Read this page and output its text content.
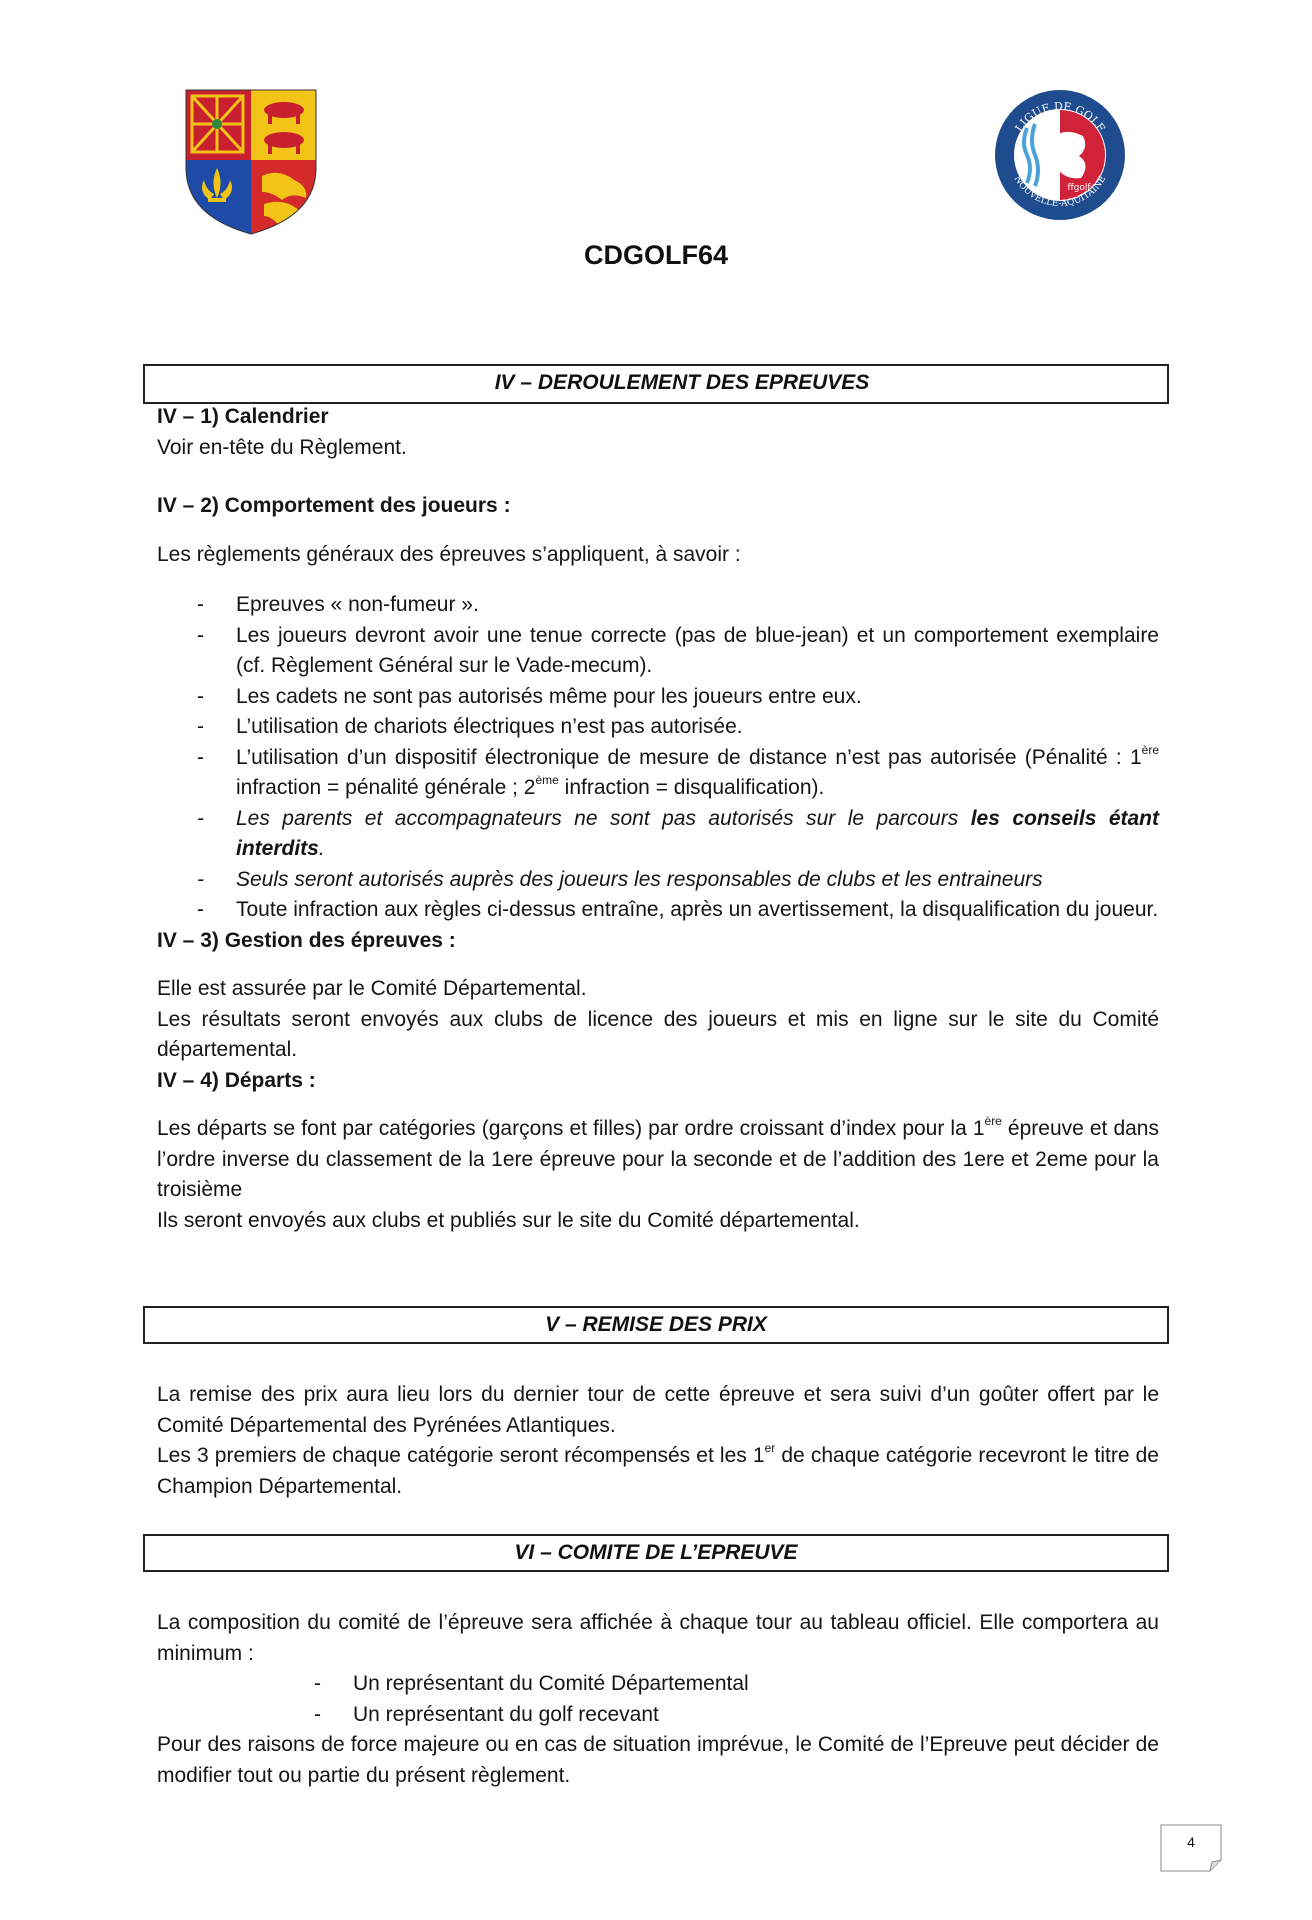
LIGUE DE GOLF
NOUVELLE-AQUITAINE
ffgolf
CDGOLF64
IV – DEROULEMENT DES EPREUVES

IV – 1) Calendrier

Voir en-tête du Règlement.

IV – 2) Comportement des joueurs :

Les règlements généraux des épreuves s’appliquent, à savoir :

- Epreuves « non-fumeur ».
- Les joueurs devront avoir une tenue correcte (pas de blue-jean) et un comportement exemplaire (cf. Règlement Général sur le Vade-mecum).
- Les cadets ne sont pas autorisés même pour les joueurs entre eux.
- L’utilisation de chariots électriques n’est pas autorisée.
- L’utilisation d’un dispositif électronique de mesure de distance n’est pas autorisée (Pénalité : 1ère infraction = pénalité générale ; 2ème infraction = disqualification).
- Les parents et accompagnateurs ne sont pas autorisés sur le parcours les conseils étant interdits.
- Seuls seront autorisés auprès des joueurs les responsables de clubs et les entraineurs
- Toute infraction aux règles ci-dessus entraîne, après un avertissement, la disqualification du joueur.

IV – 3) Gestion des épreuves :

Elle est assurée par le Comité Départemental.

Les résultats seront envoyés aux clubs de licence des joueurs et mis en ligne sur le site du Comité départemental.

IV – 4) Départs :

Les départs se font par catégories (garçons et filles) par ordre croissant d’index pour la 1ère épreuve et dans l’ordre inverse du classement de la 1ere épreuve pour la seconde et de l’addition des 1ere et 2eme pour la troisième

Ils seront envoyés aux clubs et publiés sur le site du Comité départemental.

V – REMISE DES PRIX

La remise des prix aura lieu lors du dernier tour de cette épreuve et sera suivi d’un goûter offert par le Comité Départemental des Pyrénées Atlantiques.

Les 3 premiers de chaque catégorie seront récompensés et les 1er de chaque catégorie recevront le titre de Champion Départemental.

VI – COMITE DE L’EPREUVE

La composition du comité de l’épreuve sera affichée à chaque tour au tableau officiel. Elle comportera au minimum :

- Un représentant du Comité Départemental
- Un représentant du golf recevant

Pour des raisons de force majeure ou en cas de situation imprévue, le Comité de l’Epreuve peut décider de modifier tout ou partie du présent règlement.

4
